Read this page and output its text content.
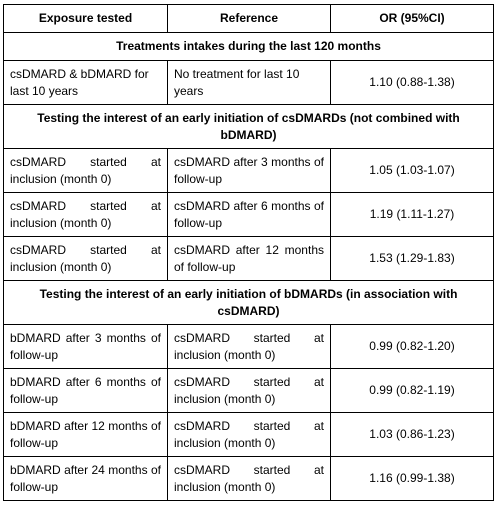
Exposure tested	Reference	OR (95%CI)
Treatments intakes during the last 120 months		
csDMARD & bDMARD for last 10 years	No treatment for last 10 years	1.10 (0.88-1.38)
Testing the interest of an early initiation of csDMARDs (not combined with bDMARD)		
csDMARD started at inclusion (month 0)	csDMARD after 3 months of follow-up	1.05 (1.03-1.07)
csDMARD started at inclusion (month 0)	csDMARD after 6 months of follow-up	1.19 (1.11-1.27)
csDMARD started at inclusion (month 0)	csDMARD after 12 months of follow-up	1.53 (1.29-1.83)
Testing the interest of an early initiation of bDMARDs (in association with csDMARD)		
bDMARD after 3 months of follow-up	csDMARD started at inclusion (month 0)	0.99 (0.82-1.20)
bDMARD after 6 months of follow-up	csDMARD started at inclusion (month 0)	0.99 (0.82-1.19)
bDMARD after 12 months of follow-up	csDMARD started at inclusion (month 0)	1.03 (0.86-1.23)
bDMARD after 24 months of follow-up	csDMARD started at inclusion (month 0)	1.16 (0.99-1.38)
